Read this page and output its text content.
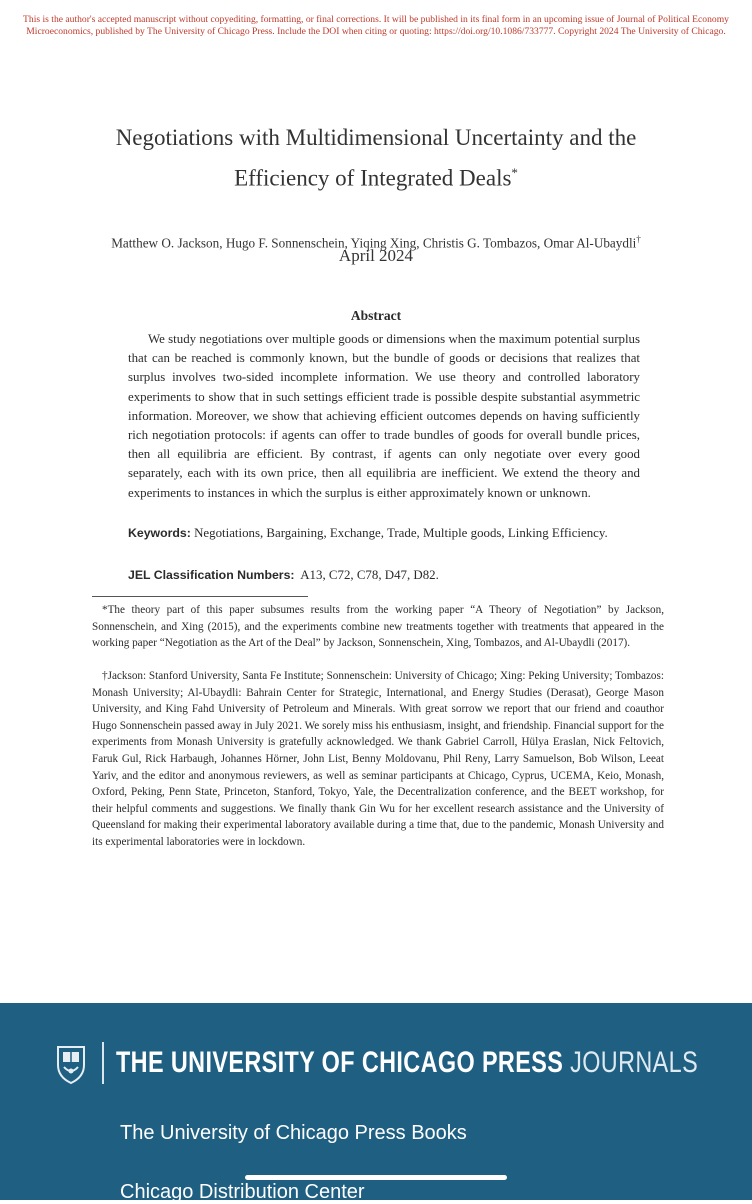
This is the author's accepted manuscript without copyediting, formatting, or final corrections. It will be published in its final form in an upcoming issue of Journal of Political Economy Microeconomics, published by The University of Chicago Press. Include the DOI when citing or quoting: https://doi.org/10.1086/733777. Copyright 2024 The University of Chicago.
Negotiations with Multidimensional Uncertainty and the
Efficiency of Integrated Deals*
Matthew O. Jackson, Hugo F. Sonnenschein, Yiqing Xing, Christis G. Tombazos, Omar Al-Ubaydli†
April 2024
Abstract

We study negotiations over multiple goods or dimensions when the maximum potential surplus that can be reached is commonly known, but the bundle of goods or decisions that realizes that surplus involves two-sided incomplete information. We use theory and controlled laboratory experiments to show that in such settings efficient trade is possible despite substantial asymmetric information. Moreover, we show that achieving efficient outcomes depends on having sufficiently rich negotiation protocols: if agents can offer to trade bundles of goods for overall bundle prices, then all equilibria are efficient. By contrast, if agents can only negotiate over every good separately, each with its own price, then all equilibria are inefficient. We extend the theory and experiments to instances in which the surplus is either approximately known or unknown.

Keywords: Negotiations, Bargaining, Exchange, Trade, Multiple goods, Linking Efficiency.

JEL Classification Numbers: A13, C72, C78, D47, D82.

*The theory part of this paper subsumes results from the working paper “A Theory of Negotiation” by Jackson, Sonnenschein, and Xing (2015), and the experiments combine new treatments together with treatments that appeared in the working paper “Negotiation as the Art of the Deal” by Jackson, Sonnenschein, Xing, Tombazos, and Al-Ubaydli (2017).

†Jackson: Stanford University, Santa Fe Institute; Sonnenschein: University of Chicago; Xing: Peking University; Tombazos: Monash University; Al-Ubaydli: Bahrain Center for Strategic, International, and Energy Studies (Derasat), George Mason University, and King Fahd University of Petroleum and Minerals. With great sorrow we report that our friend and coauthor Hugo Sonnenschein passed away in July 2021. We sorely miss his enthusiasm, insight, and friendship. Financial support for the experiments from Monash University is gratefully acknowledged. We thank Gabriel Carroll, Hülya Eraslan, Nick Feltovich, Faruk Gul, Rick Harbaugh, Johannes Hörner, John List, Benny Moldovanu, Phil Reny, Larry Samuelson, Bob Wilson, Leeat Yariv, and the editor and anonymous reviewers, as well as seminar participants at Chicago, Cyprus, UCEMA, Keio, Monash, Oxford, Peking, Penn State, Princeton, Stanford, Tokyo, Yale, the Decentralization conference, and the BEET workshop, for their helpful comments and suggestions. We finally thank Gin Wu for her excellent research assistance and the University of Queensland for making their experimental laboratory available during a time that, due to the pandemic, Monash University and its experimental laboratories were in lockdown.

THE UNIVERSITY OF CHICAGO PRESS JOURNALS
The University of Chicago Press Books
Chicago Distribution Center
